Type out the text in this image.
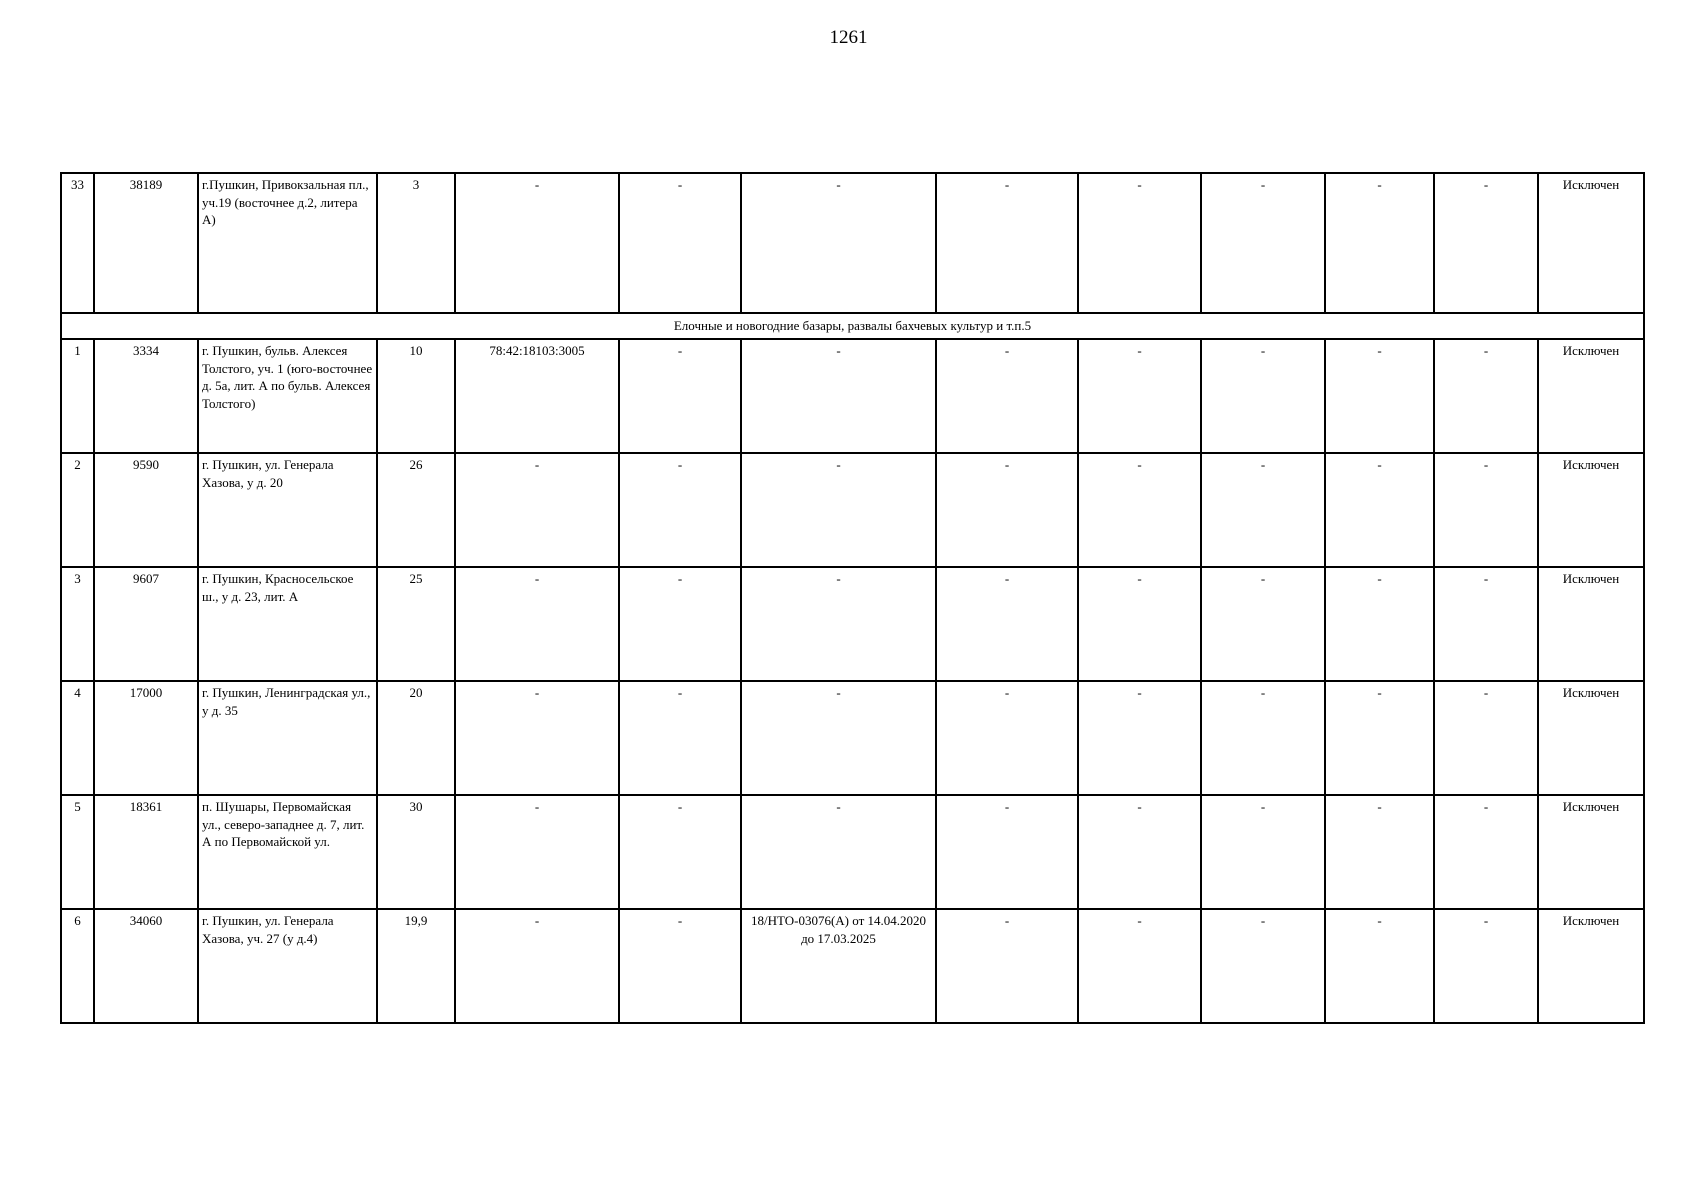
1261
33	38189	г.Пушкин, Привокзальная пл., уч.19 (восточнее д.2, литера А)	3	-	-	-	-	-	-	-	-	Исключен
Елочные и новогодние базары, развалы бахчевых культур и т.п.5												
1	3334	г. Пушкин, бульв. Алексея Толстого, уч. 1 (юго-восточнее д. 5а, лит. А по бульв. Алексея Толстого)	10	78:42:18103:3005	-	-	-	-	-	-	-	Исключен
2	9590	г. Пушкин, ул. Генерала Хазова, у д. 20	26	-	-	-	-	-	-	-	-	Исключен
3	9607	г. Пушкин, Красносельское ш., у д. 23, лит. А	25	-	-	-	-	-	-	-	-	Исключен
4	17000	г. Пушкин, Ленинградская ул., у д. 35	20	-	-	-	-	-	-	-	-	Исключен
5	18361	п. Шушары, Первомайская ул., северо-западнее д. 7, лит. А по Первомайской ул.	30	-	-	-	-	-	-	-	-	Исключен
6	34060	г. Пушкин, ул. Генерала Хазова, уч. 27 (у д.4)	19,9	-	-	18/НТО-03076(А) от 14.04.2020 до 17.03.2025	-	-	-	-	-	Исключен
